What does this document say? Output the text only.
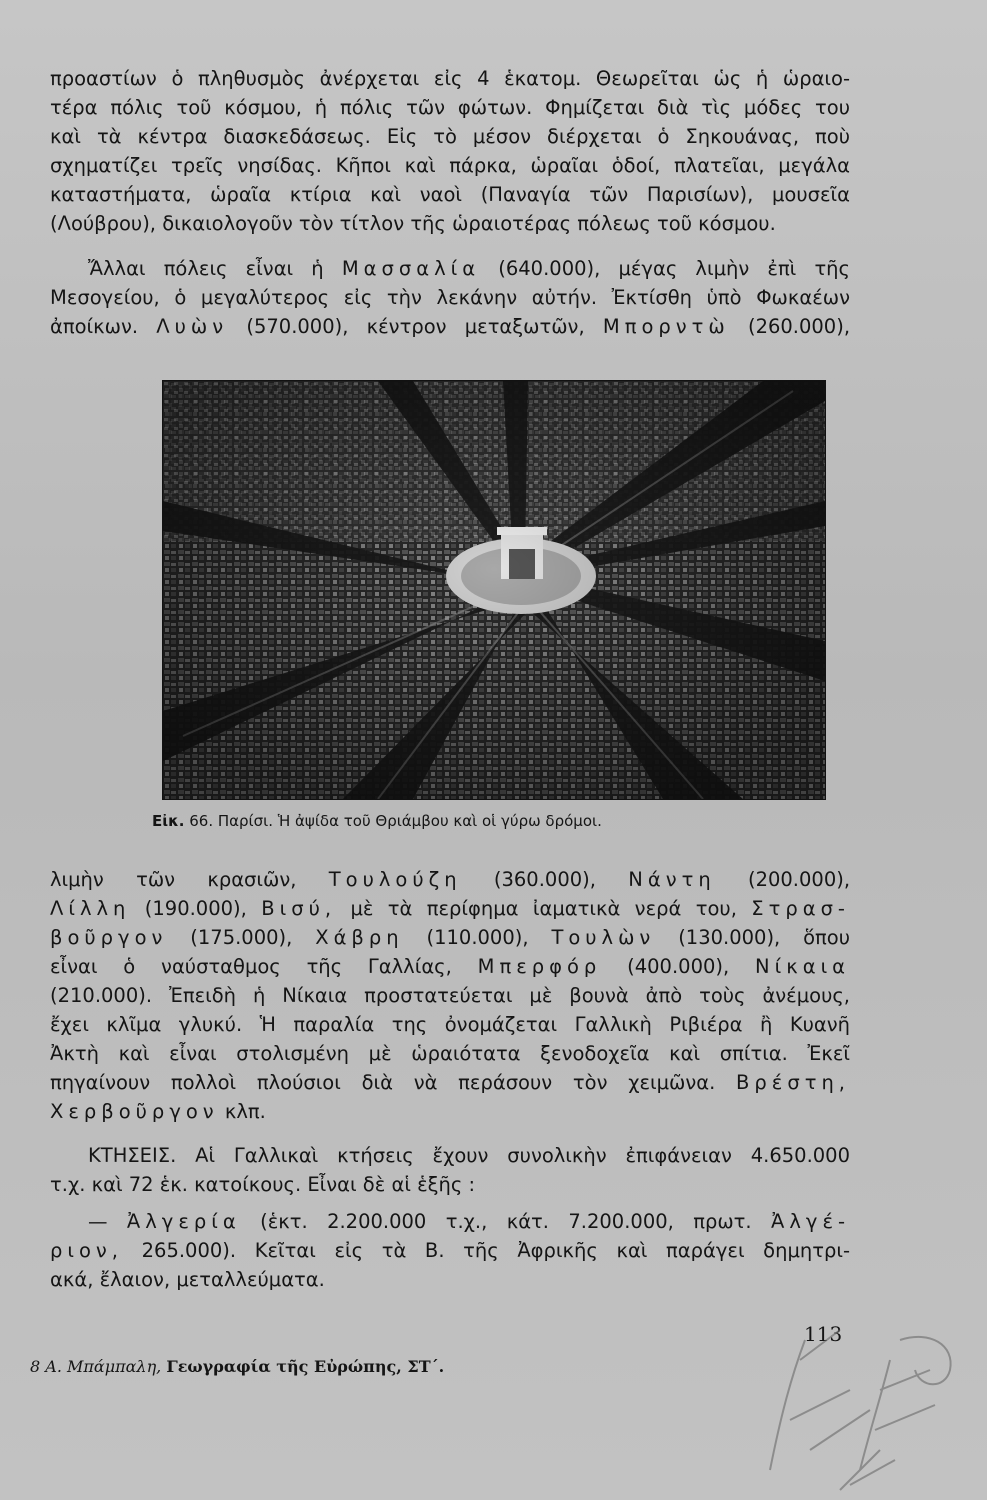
προαστίων ὁ πληθυσμὸς ἀνέρχεται εἰς 4 ἑκατομ. Θεωρεῖται ὡς ἡ ὡραιο-

τέρα πόλις τοῦ κόσμου, ἡ πόλις τῶν φώτων. Φημίζεται διὰ τὶς μόδες του

καὶ τὰ κέντρα διασκεδάσεως. Εἰς τὸ μέσον διέρχεται ὁ Σηκουάνας, ποὺ

σχηματίζει τρεῖς νησίδας. Κῆποι καὶ πάρκα, ὡραῖαι ὁδοί, πλατεῖαι, μεγάλα

καταστήματα, ὡραῖα κτίρια καὶ ναοὶ (Παναγία τῶν Παρισίων), μουσεῖα

(Λούβρου), δικαιολογοῦν τὸν τίτλον τῆς ὡραιοτέρας πόλεως τοῦ κόσμου.

Ἄλλαι πόλεις εἶναι ἡ Μασσαλία (640.000), μέγας λιμὴν ἐπὶ τῆς

Μεσογείου, ὁ μεγαλύτερος εἰς τὴν λεκάνην αὐτήν. Ἐκτίσθη ὑπὸ Φωκαέων

ἀποίκων. Λυὼν (570.000), κέντρον μεταξωτῶν, Μπορντὼ (260.000),

Εἰκ. 66. Παρίσι. Ἡ ἀψίδα τοῦ Θριάμβου καὶ οἱ γύρω δρόμοι.

λιμὴν τῶν κρασιῶν, Τουλούζη (360.000), Νάντη (200.000),

Λίλλη (190.000), Βισύ, μὲ τὰ περίφημα ἰαματικὰ νερά του, Στρασ-

βοῦργον (175.000), Χάβρη (110.000), Τουλὼν (130.000), ὅπου

εἶναι ὁ ναύσταθμος τῆς Γαλλίας, Μπερφόρ (400.000), Νίκαια

(210.000). Ἐπειδὴ ἡ Νίκαια προστατεύεται μὲ βουνὰ ἀπὸ τοὺς ἀνέμους,

ἔχει κλῖμα γλυκύ. Ἡ παραλία της ὀνομάζεται Γαλλικὴ Ριβιέρα ἢ Κυανῆ

Ἀκτὴ καὶ εἶναι στολισμένη μὲ ὡραιότατα ξενοδοχεῖα καὶ σπίτια. Ἐκεῖ

πηγαίνουν πολλοὶ πλούσιοι διὰ νὰ περάσουν τὸν χειμῶνα. Βρέστη,

Χερβοῦργον κλπ.

ΚΤΗΣΕΙΣ. Αἱ Γαλλικαὶ κτήσεις ἔχουν συνολικὴν ἐπιφάνειαν 4.650.000

τ.χ. καὶ 72 ἑκ. κατοίκους. Εἶναι δὲ αἱ ἑξῆς :

— Ἀλγερία (ἑκτ. 2.200.000 τ.χ., κάτ. 7.200.000, πρωτ. Ἀλγέ-

ριον, 265.000). Κεῖται εἰς τὰ Β. τῆς Ἀφρικῆς καὶ παράγει δημητρι-

ακά, ἔλαιον, μεταλλεύματα.

113
8 Α. Μπάμπαλη, Γεωγραφία τῆς Εὐρώπης, ΣΤ΄.
